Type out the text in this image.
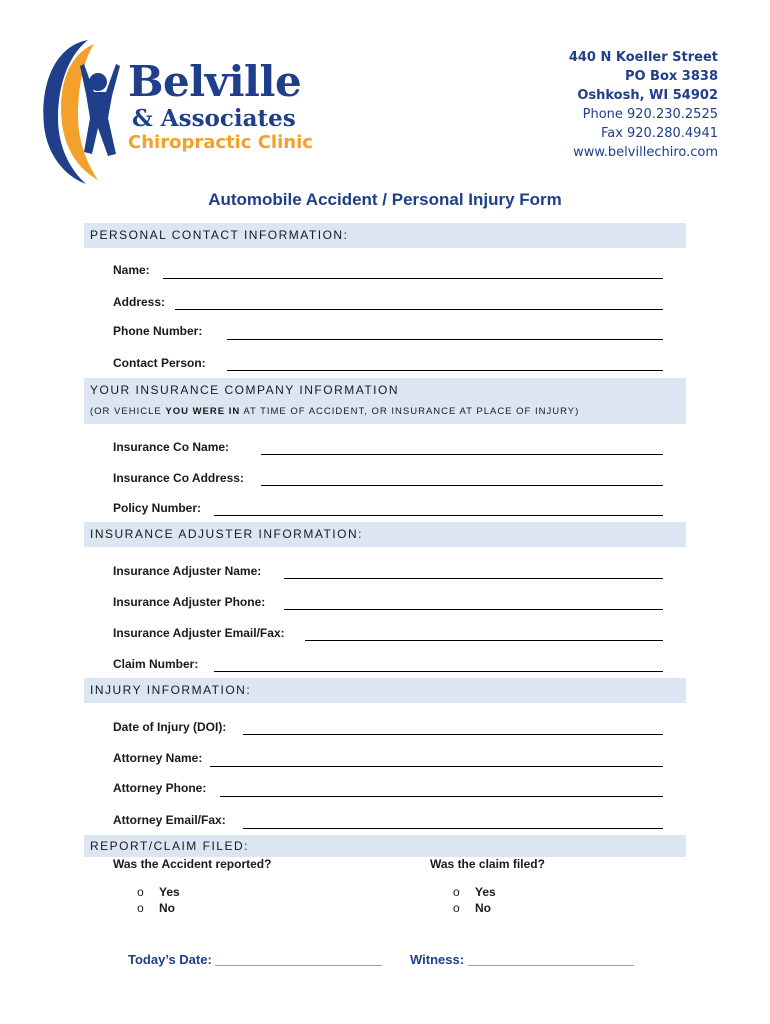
Belville
& Associates
Chiropractic Clinic
440 N Koeller Street
PO Box 3838
Oshkosh, WI 54902
Phone 920.230.2525
Fax 920.280.4941
www.belvillechiro.com
Automobile Accident / Personal Injury Form
PERSONAL CONTACT INFORMATION:
Name:
Address:
Phone Number:
Contact Person:
YOUR INSURANCE COMPANY INFORMATION
(OR VEHICLE YOU WERE IN AT TIME OF ACCIDENT, OR INSURANCE AT PLACE OF INJURY)
Insurance Co Name:
Insurance Co Address:
Policy Number:
INSURANCE ADJUSTER INFORMATION:
Insurance Adjuster Name:
Insurance Adjuster Phone:
Insurance Adjuster Email/Fax:
Claim Number:
INJURY INFORMATION:
Date of Injury (DOI):
Attorney Name:
Attorney Phone:
Attorney Email/Fax:
REPORT/CLAIM FILED:
Was the Accident reported?	Was the claim filed?
o Yes
o No
o Yes
o No
Today’s Date: _______________________ Witness: _______________________
